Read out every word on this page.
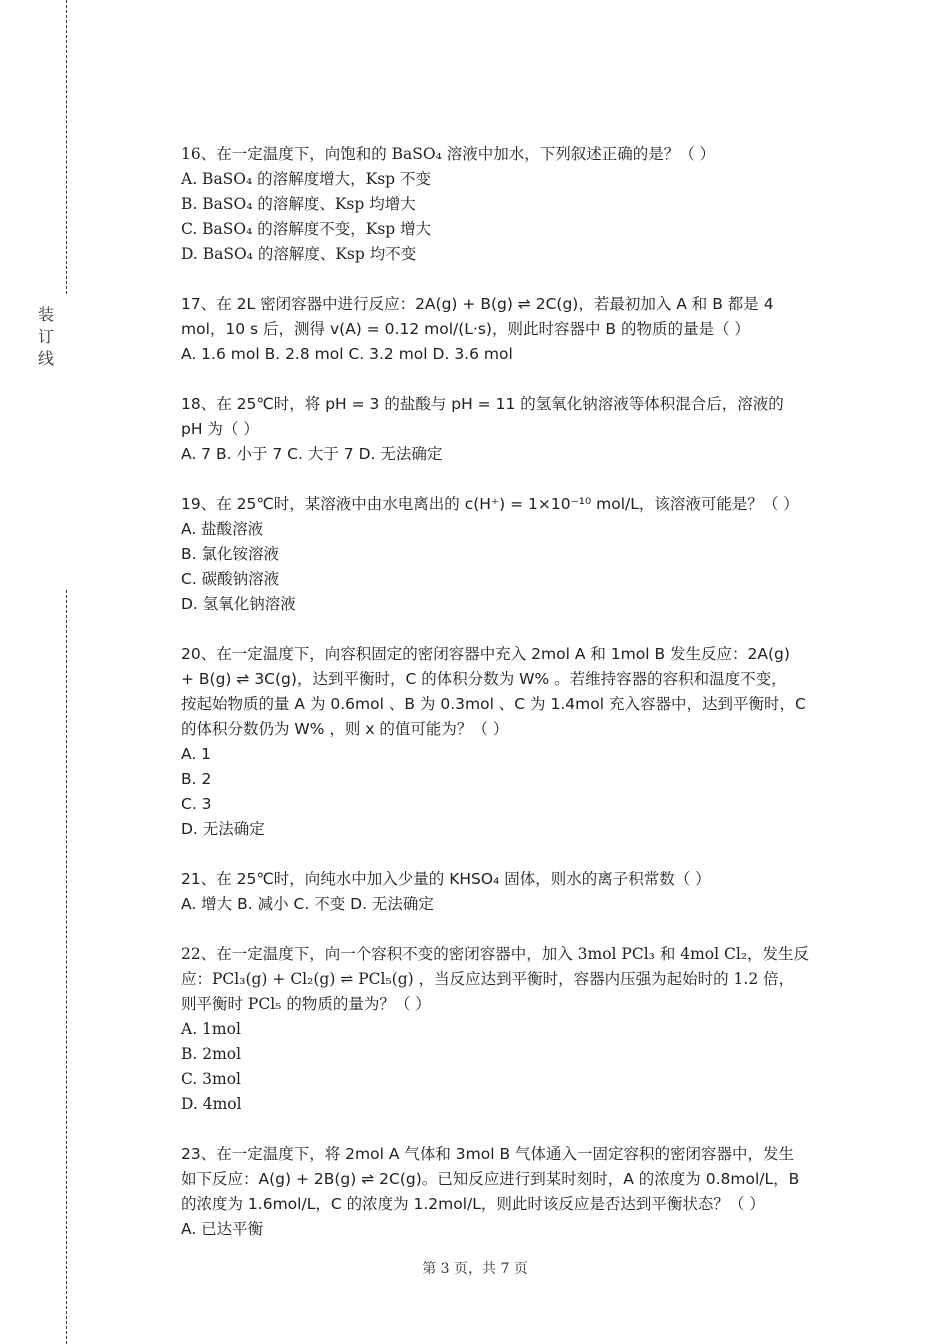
装
订
线

16、在一定温度下，向饱和的 BaSO₄ 溶液中加水，下列叙述正确的是？（ ）

A. BaSO₄ 的溶解度增大，Ksp 不变

B. BaSO₄ 的溶解度、Ksp 均增大

C. BaSO₄ 的溶解度不变，Ksp 增大

D. BaSO₄ 的溶解度、Ksp 均不变

17、在 2L 密闭容器中进行反应：2A(g) + B(g) ⇌ 2C(g)，若最初加入 A 和 B 都是 4

mol，10 s 后，测得 v(A) = 0.12 mol/(L·s)，则此时容器中 B 的物质的量是（ ）

A. 1.6 mol B. 2.8 mol C. 3.2 mol D. 3.6 mol

18、在 25℃时，将 pH = 3 的盐酸与 pH = 11 的氢氧化钠溶液等体积混合后，溶液的

pH 为（ ）

A. 7 B. 小于 7 C. 大于 7 D. 无法确定

19、在 25℃时，某溶液中由水电离出的 c(H⁺) = 1×10⁻¹⁰ mol/L，该溶液可能是？（ ）

A. 盐酸溶液

B. 氯化铵溶液

C. 碳酸钠溶液

D. 氢氧化钠溶液

20、在一定温度下，向容积固定的密闭容器中充入 2mol A 和 1mol B 发生反应：2A(g)

+ B(g) ⇌ 3C(g)，达到平衡时，C 的体积分数为 W% 。若维持容器的容积和温度不变，

按起始物质的量 A 为 0.6mol 、B 为 0.3mol 、C 为 1.4mol 充入容器中，达到平衡时，C

的体积分数仍为 W% ，则 x 的值可能为？（ ）

A. 1

B. 2

C. 3

D. 无法确定

21、在 25℃时，向纯水中加入少量的 KHSO₄ 固体，则水的离子积常数（ ）

A. 增大 B. 减小 C. 不变 D. 无法确定

22、在一定温度下，向一个容积不变的密闭容器中，加入 3mol PCl₃ 和 4mol Cl₂，发生反

应：PCl₃(g) + Cl₂(g) ⇌ PCl₅(g) ，当反应达到平衡时，容器内压强为起始时的 1.2 倍，

则平衡时 PCl₅ 的物质的量为？（ ）

A. 1mol

B. 2mol

C. 3mol

D. 4mol

23、在一定温度下，将 2mol A 气体和 3mol B 气体通入一固定容积的密闭容器中，发生

如下反应：A(g) + 2B(g) ⇌ 2C(g)。已知反应进行到某时刻时，A 的浓度为 0.8mol/L，B

的浓度为 1.6mol/L，C 的浓度为 1.2mol/L，则此时该反应是否达到平衡状态？（ ）

A. 已达平衡

第 3 页，共 7 页
